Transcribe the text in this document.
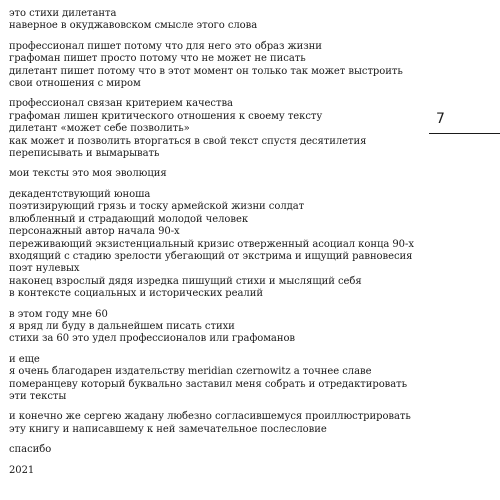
это стихи дилетанта
наверное в окуджавовском смысле этого слова
профессионал пишет потому что для него это образ жизни
графоман пишет просто потому что не может не писать
дилетант пишет потому что в этот момент он только так может выстроить
свои отношения с миром
профессионал связан критерием качества
графоман лишен критического отношения к своему тексту
дилетант «может себе позволить»
как может и позволить вторгаться в свой текст спустя десятилетия
переписывать и вымарывать
мои тексты это моя эволюция
декадентствующий юноша
поэтизирующий грязь и тоску армейской жизни солдат
влюбленный и страдающий молодой человек
персонажный автор начала 90-х
переживающий экзистенциальный кризис отверженный асоциал конца 90-х
входящий с стадию зрелости убегающий от экстрима и ищущий равновесия
поэт нулевых
наконец взрослый дядя изредка пишущий стихи и мыслящий себя
в контексте социальных и исторических реалий
в этом году мне 60
я вряд ли буду в дальнейшем писать стихи
стихи за 60 это удел профессионалов или графоманов
и еще
я очень благодарен издательству meridian czernowitz а точнее славе
померанцеву который буквально заставил меня собрать и отредактировать
эти тексты
и конечно же сергею жадану любезно согласившемуся проиллюстрировать
эту книгу и написавшему к ней замечательное послесловие
спасибо
2021
7
